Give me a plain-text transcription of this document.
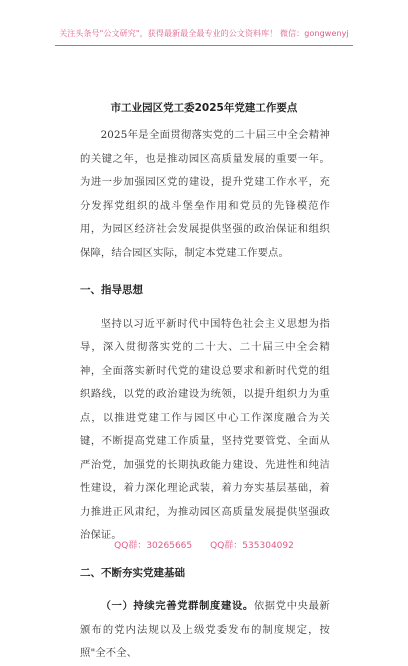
关注头条号"公文研究"，获得最新最全最专业的公文资料库！ 微信：gongwenyj
市工业园区党工委2025年党建工作要点

2025年是全面贯彻落实党的二十届三中全会精神的关键之年，也是推动园区高质量发展的重要一年。为进一步加强园区党的建设，提升党建工作水平，充分发挥党组织的战斗堡垒作用和党员的先锋模范作用，为园区经济社会发展提供坚强的政治保证和组织保障，结合园区实际，制定本党建工作要点。

一、指导思想

坚持以习近平新时代中国特色社会主义思想为指导，深入贯彻落实党的二十大、二十届三中全会精神，全面落实新时代党的建设总要求和新时代党的组织路线，以党的政治建设为统领，以提升组织力为重点，以推进党建工作与园区中心工作深度融合为关键，不断提高党建工作质量，坚持党要管党、全面从严治党，加强党的长期执政能力建设、先进性和纯洁性建设，着力深化理论武装，着力夯实基层基础，着力推进正风肃纪，为推动园区高质量发展提供坚强政治保证。

二、不断夯实党建基础

（一）持续完善党群制度建设。依据党中央最新颁布的党内法规以及上级党委发布的制度规定，按照"全不全、

QQ群：30265665 QQ群：535304092
